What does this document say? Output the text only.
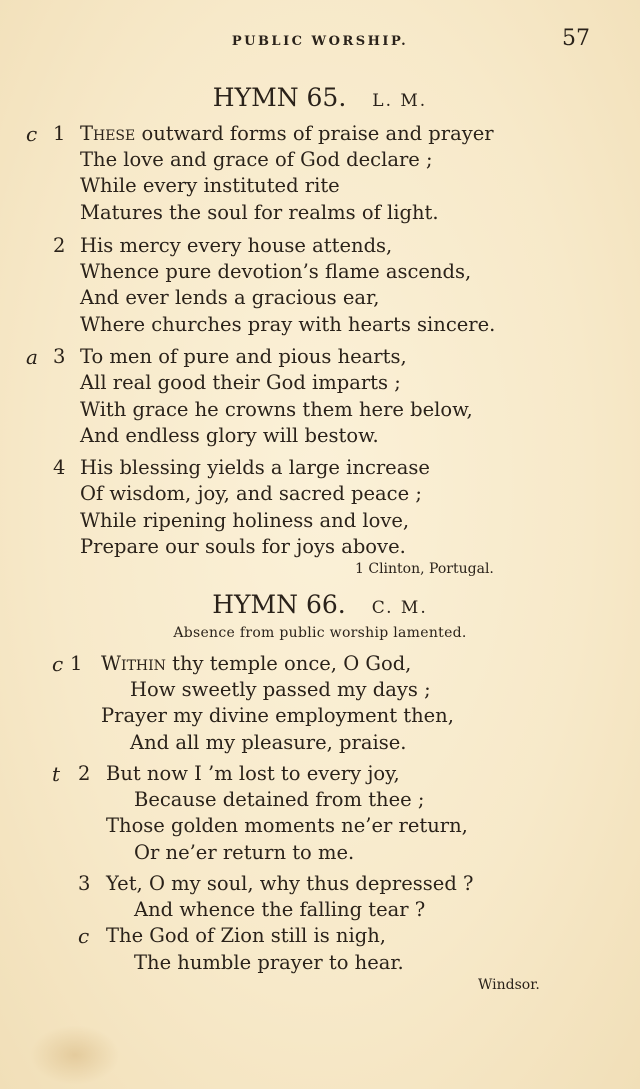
PUBLIC WORSHIP.	57
HYMN 65. L. M.
c 1 These outward forms of praise and prayer
The love and grace of God declare ;
While every instituted rite
Matures the soul for realms of light.
2 His mercy every house attends,
Whence pure devotion’s flame ascends,
And ever lends a gracious ear,
Where churches pray with hearts sincere.
a 3 To men of pure and pious hearts,
All real good their God imparts ;
With grace he crowns them here below,
And endless glory will bestow.
4 His blessing yields a large increase
Of wisdom, joy, and sacred peace ;
While ripening holiness and love,
Prepare our souls for joys above.
1 Clinton, Portugal.
HYMN 66. C. M.
Absence from public worship lamented.
c 1 Within thy temple once, O God,
How sweetly passed my days ;
Prayer my divine employment then,
And all my pleasure, praise.
t 2 But now I ’m lost to every joy,
Because detained from thee ;
Those golden moments ne’er return,
Or ne’er return to me.
3 Yet, O my soul, why thus depressed ?
And whence the falling tear ?
c The God of Zion still is nigh,
The humble prayer to hear.
Windsor.
